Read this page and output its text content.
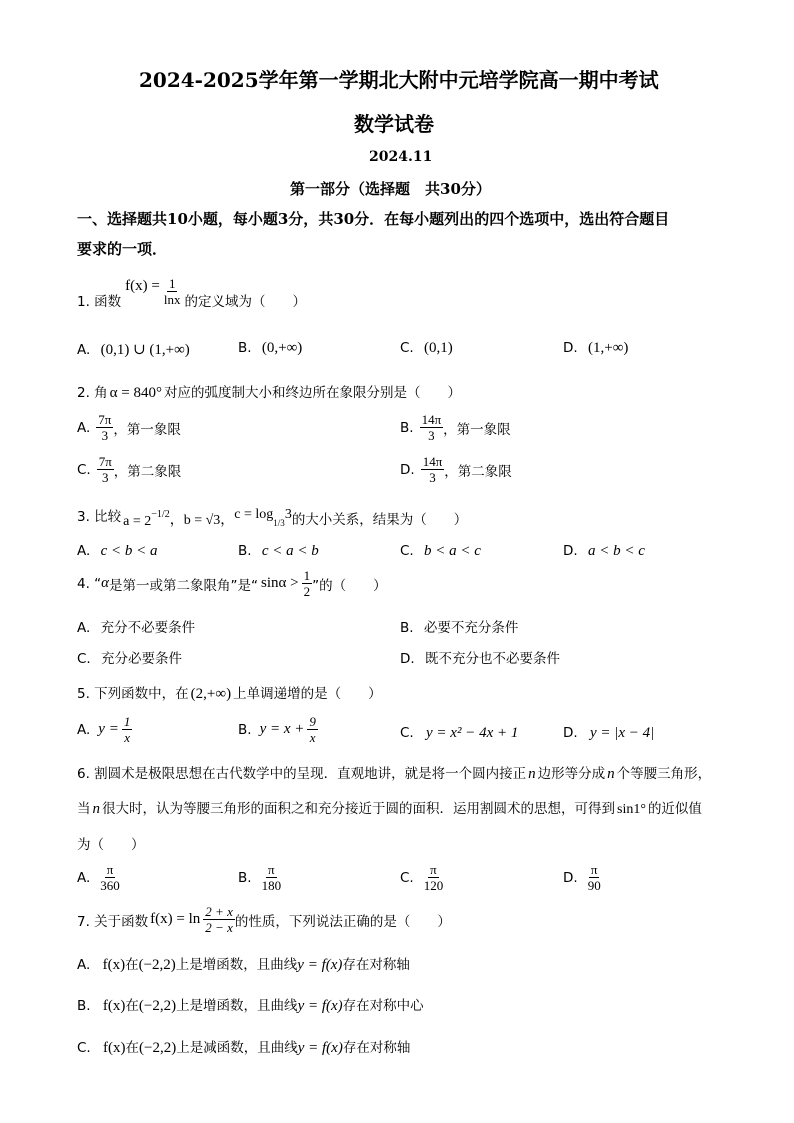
2024-2025学年第一学期北大附中元培学院高一期中考试
数学试卷
2024.11
第一部分（选择题　共30分）
一、选择题共10小题，每小题3分，共30分．在每小题列出的四个选项中，选出符合题目
要求的一项．
1. 函数
$f(x) = \frac{1}{\ln x}$ 的定义域为（　　）
A. (0,1) ∪ (1,+∞)	B. (0,+∞)	C. (0,1)	D. (1,+∞)
2. 角 α = 840° 对应的弧度制大小和终边所在象限分别是（　　）
A. $\frac{7\pi}{3}$ ，第一象限	B. $\frac{14\pi}{3}$ ，第一象限
C. $\frac{7\pi}{3}$ ，第二象限	D. $\frac{14\pi}{3}$ ，第二象限
3. 比较 a = 2 −1/2 ，b = √3， c = log
1/3
3 的大小关系，结果为（　　）
A. c < b < a	B. c < a < b	C. b < a < c	D. a < b < c
4. “ α 是第一或第二象限角”是“ $\sin\alpha > \frac{1}{2}$ ”的（　　）
A. 充分不必要条件	B. 必要不充分条件
C. 充分必要条件	D. 既不充分也不必要条件
5. 下列函数中，在 (2,+∞) 上单调递增的是（　　）
A. $y = \frac{1}{x}$	B. $y = x + \frac{9}{x}$	C. y = x² − 4x + 1	D. y = |x − 4|
6. 割圆术是极限思想在古代数学中的呈现．直观地讲，就是将一个圆内接正 n 边形等分成 n 个等腰三角形，
当 n 很大时，认为等腰三角形的面积之和充分接近于圆的面积．运用割圆术的思想，可得到 sin1° 的近似值
为（　　）
A. $\frac{\pi}{360}$	B. $\frac{\pi}{180}$	C. $\frac{\pi}{120}$	D. $\frac{\pi}{90}$
7. 关于函数 $f(x) = \ln \frac{2 + x}{2 - x}$ 的性质，下列说法正确的是（　　）
A. f(x)在(−2,2)上是增函数，且曲线y = f(x)存在对称轴
B. f(x)在(−2,2)上是增函数，且曲线y = f(x)存在对称中心
C. f(x)在(−2,2)上是减函数，且曲线y = f(x)存在对称轴
